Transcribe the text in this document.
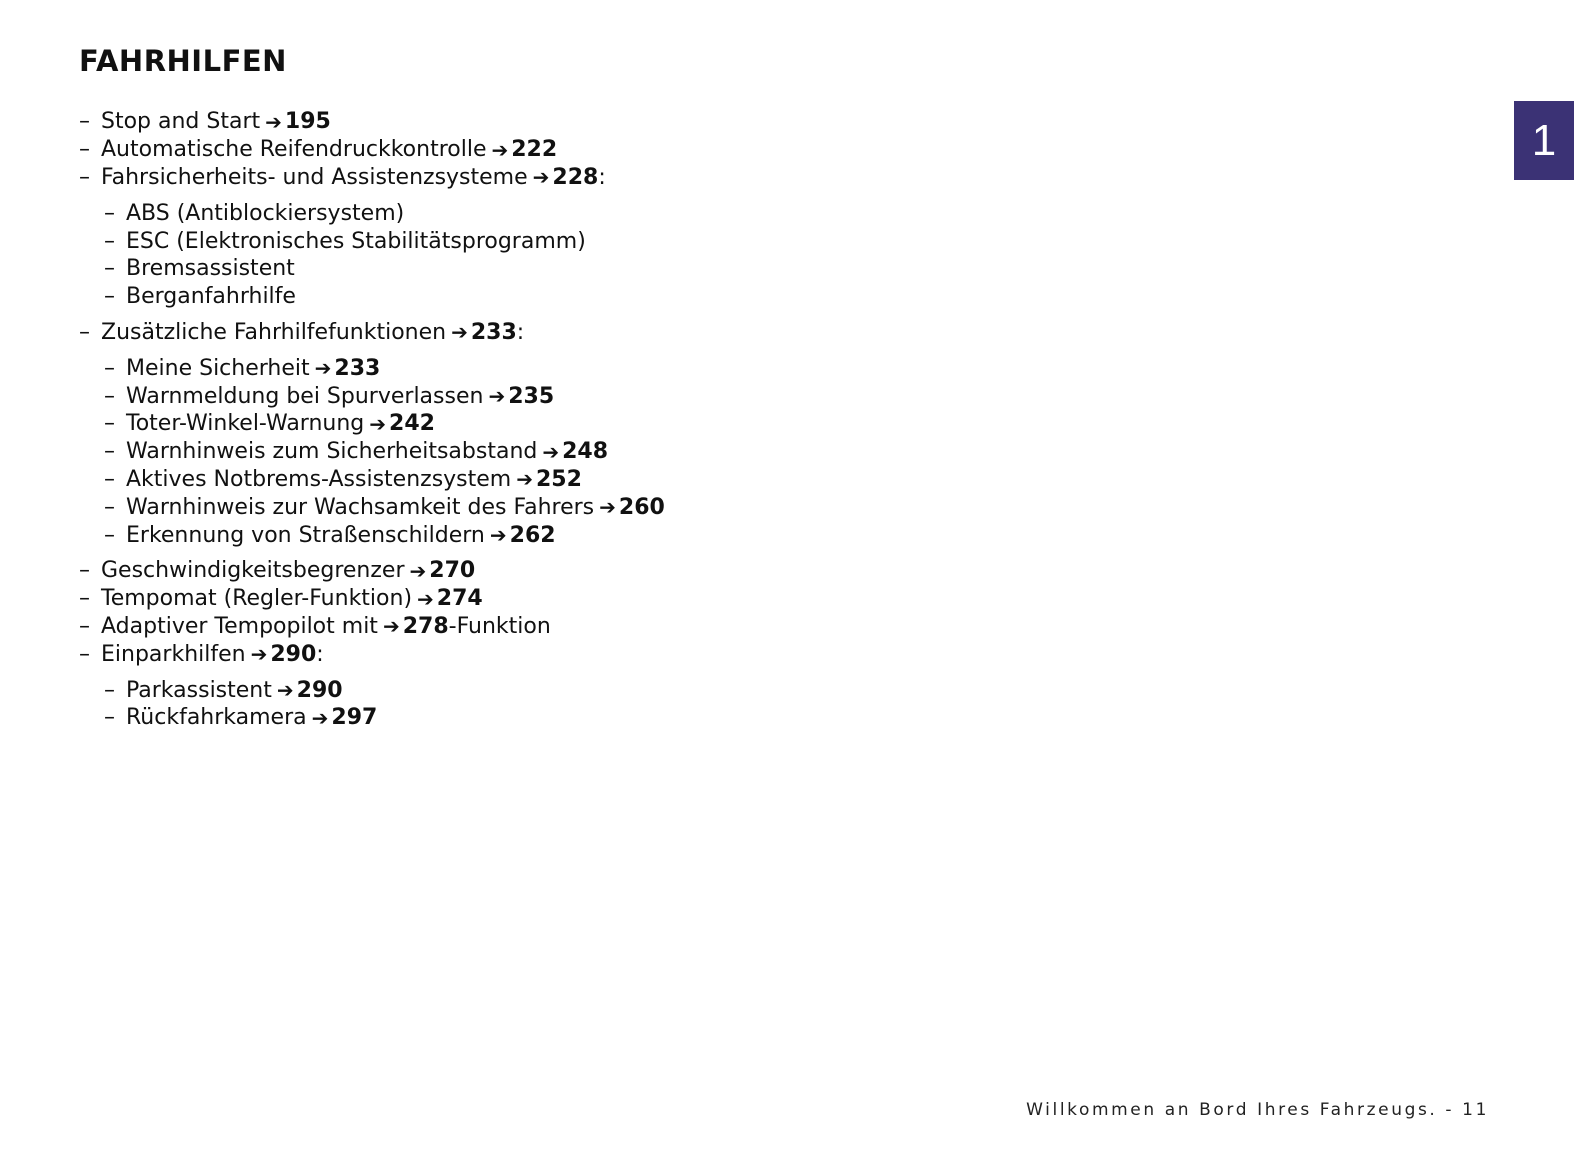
FAHRHILFEN
1
– Stop and Start ➔ 195
– Automatische Reifendruckkontrolle ➔ 222
– Fahrsicherheits- und Assistenzsysteme ➔ 228 :
– ABS (Antiblockiersystem)
– ESC (Elektronisches Stabilitätsprogramm)
– Bremsassistent
– Berganfahrhilfe
– Zusätzliche Fahrhilfefunktionen ➔ 233 :
– Meine Sicherheit ➔ 233
– Warnmeldung bei Spurverlassen ➔ 235
– Toter-Winkel-Warnung ➔ 242
– Warnhinweis zum Sicherheitsabstand ➔ 248
– Aktives Notbrems-Assistenzsystem ➔ 252
– Warnhinweis zur Wachsamkeit des Fahrers ➔ 260
– Erkennung von Straßenschildern ➔ 262
– Geschwindigkeitsbegrenzer ➔ 270
– Tempomat (Regler-Funktion) ➔ 274
– Adaptiver Tempopilot mit ➔ 278 -Funktion
– Einparkhilfen ➔ 290 :
– Parkassistent ➔ 290
– Rückfahrkamera ➔ 297
Willkommen an Bord Ihres Fahrzeugs. - 11
